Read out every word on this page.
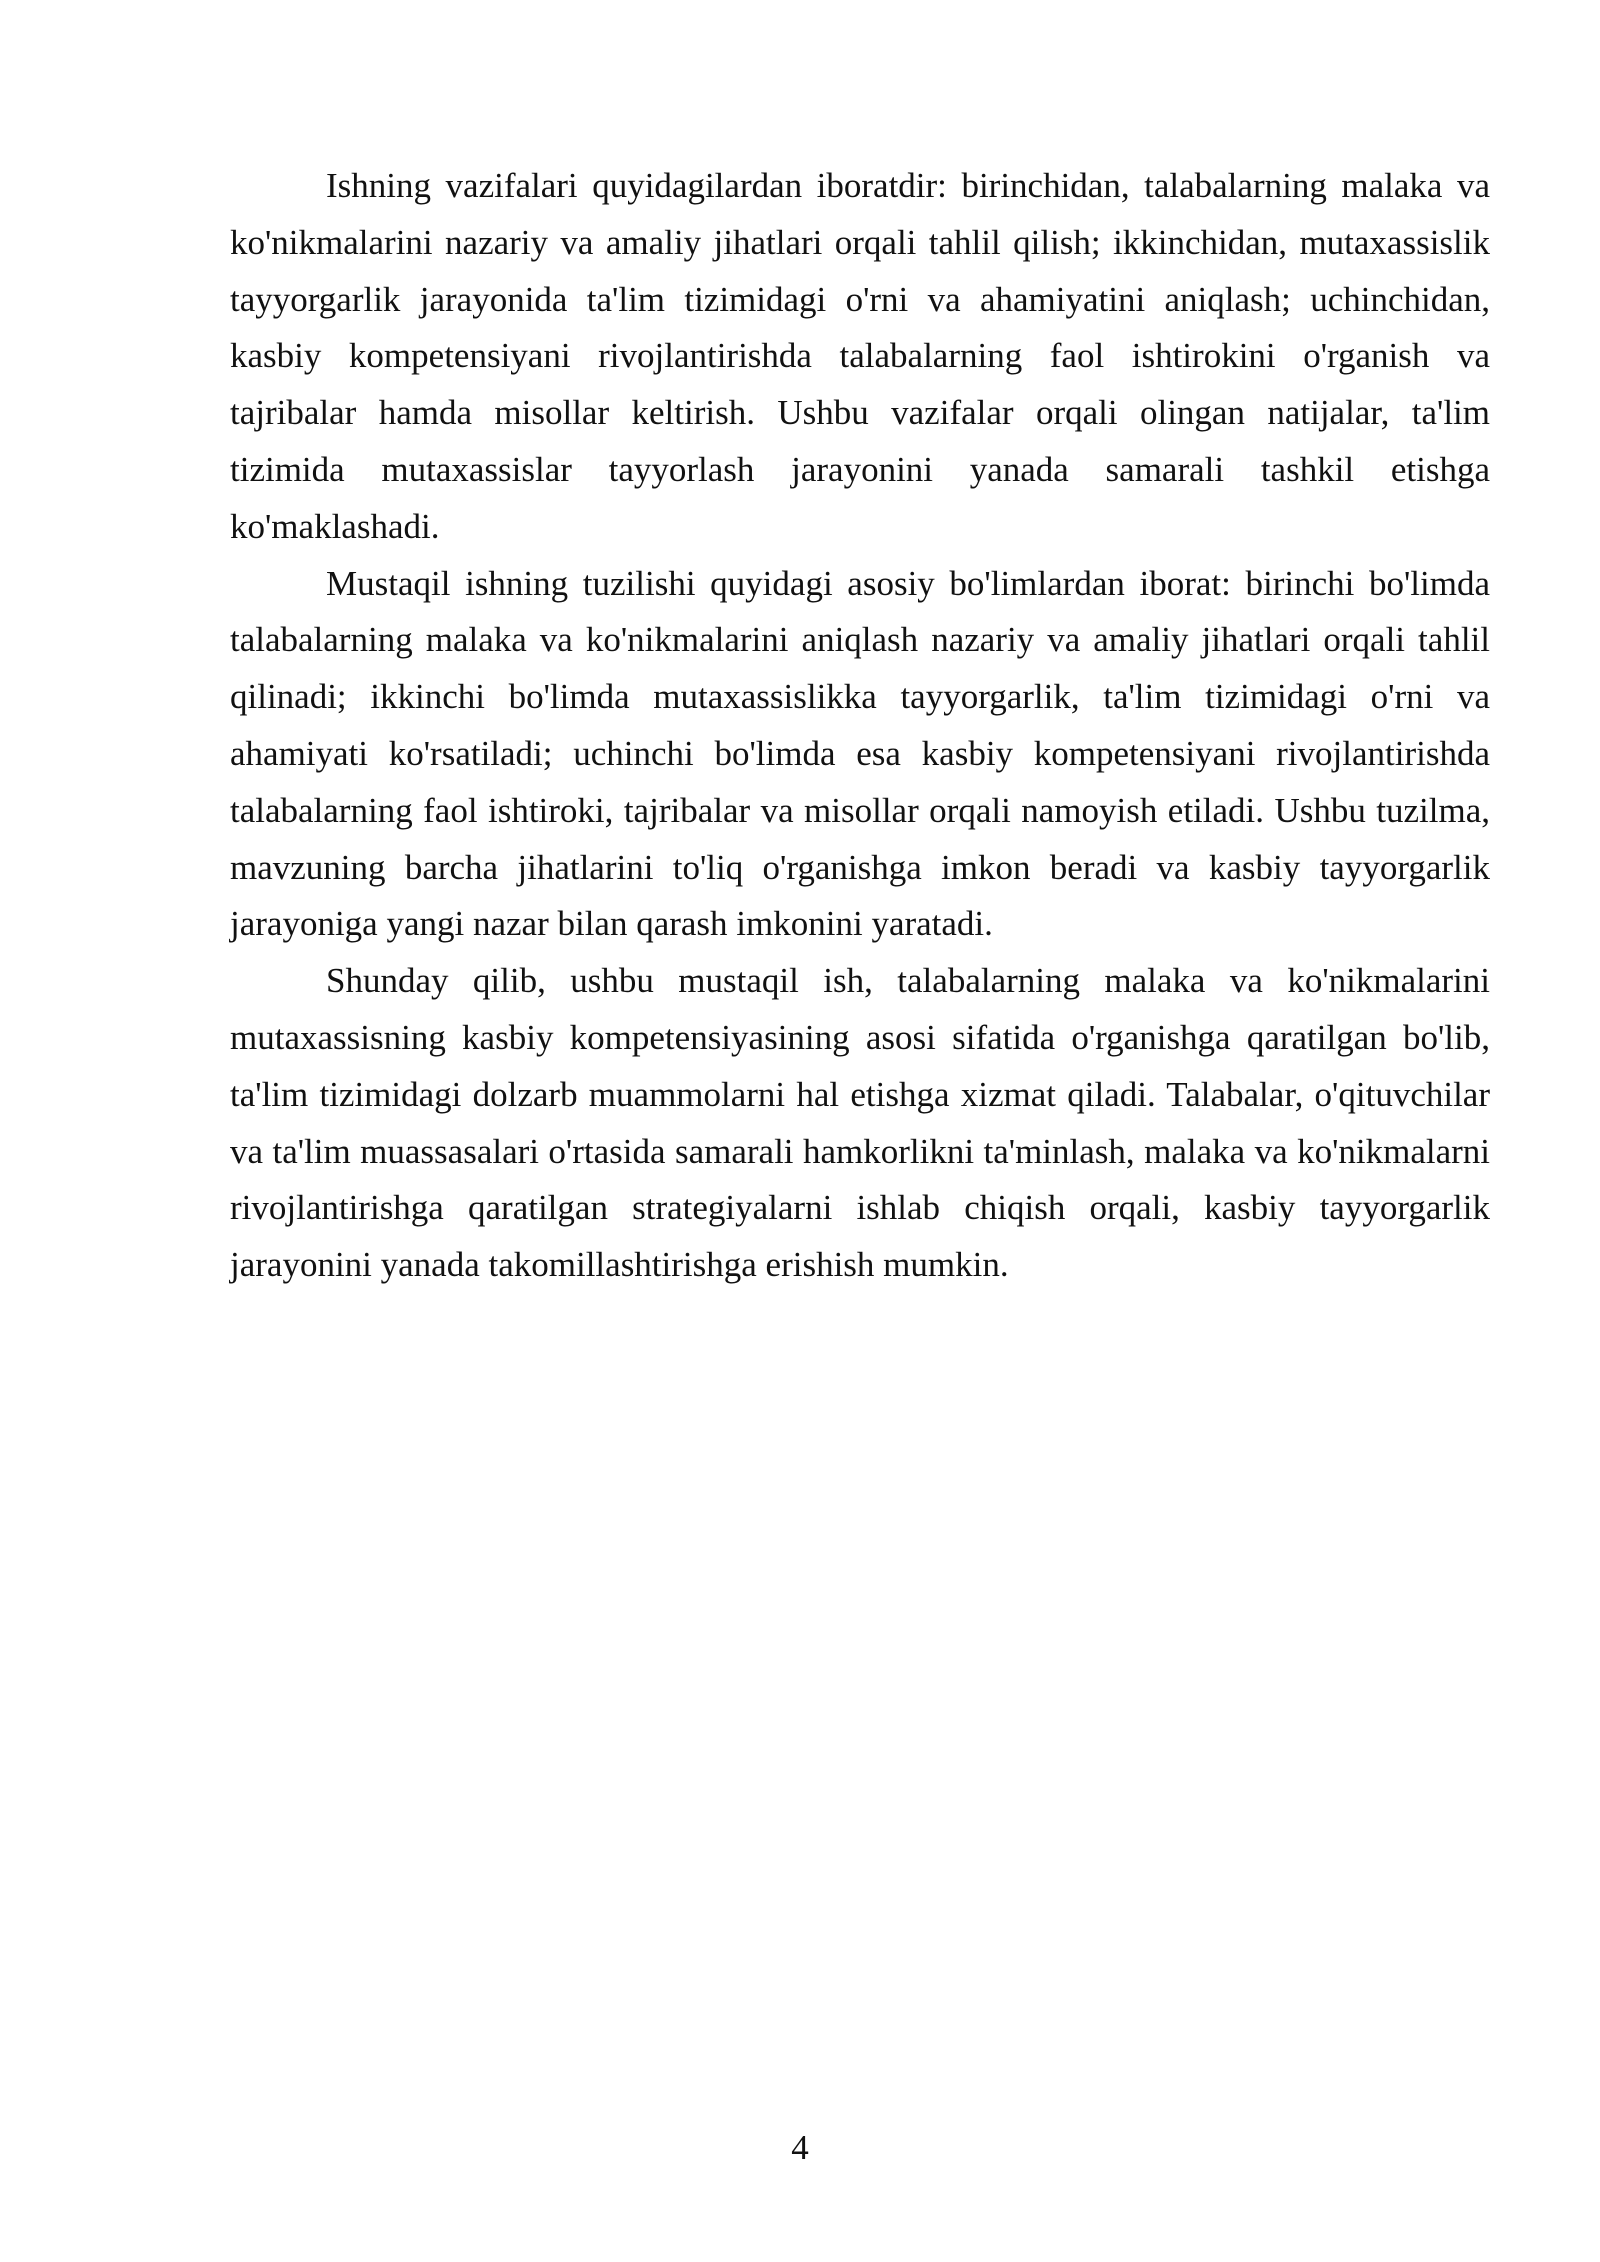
Ishning vazifalari quyidagilardan iboratdir: birinchidan, talabalarning malaka va ko'nikmalarini nazariy va amaliy jihatlari orqali tahlil qilish; ikkinchidan, mutaxassislik tayyorgarlik jarayonida ta'lim tizimidagi o'rni va ahamiyatini aniqlash; uchinchidan, kasbiy kompetensiyani rivojlantirishda talabalarning faol ishtirokini o'rganish va tajribalar hamda misollar keltirish. Ushbu vazifalar orqali olingan natijalar, ta'lim tizimida mutaxassislar tayyorlash jarayonini yanada samarali tashkil etishga ko'maklashadi.

Mustaqil ishning tuzilishi quyidagi asosiy bo'limlardan iborat: birinchi bo'limda talabalarning malaka va ko'nikmalarini aniqlash nazariy va amaliy jihatlari orqali tahlil qilinadi; ikkinchi bo'limda mutaxassislikka tayyorgarlik, ta'lim tizimidagi o'rni va ahamiyati ko'rsatiladi; uchinchi bo'limda esa kasbiy kompetensiyani rivojlantirishda talabalarning faol ishtiroki, tajribalar va misollar orqali namoyish etiladi. Ushbu tuzilma, mavzuning barcha jihatlarini to'liq o'rganishga imkon beradi va kasbiy tayyorgarlik jarayoniga yangi nazar bilan qarash imkonini yaratadi.

Shunday qilib, ushbu mustaqil ish, talabalarning malaka va ko'nikmalarini mutaxassisning kasbiy kompetensiyasining asosi sifatida o'rganishga qaratilgan bo'lib, ta'lim tizimidagi dolzarb muammolarni hal etishga xizmat qiladi. Talabalar, o'qituvchilar va ta'lim muassasalari o'rtasida samarali hamkorlikni ta'minlash, malaka va ko'nikmalarni rivojlantirishga qaratilgan strategiyalarni ishlab chiqish orqali, kasbiy tayyorgarlik jarayonini yanada takomillashtirishga erishish mumkin.

4
